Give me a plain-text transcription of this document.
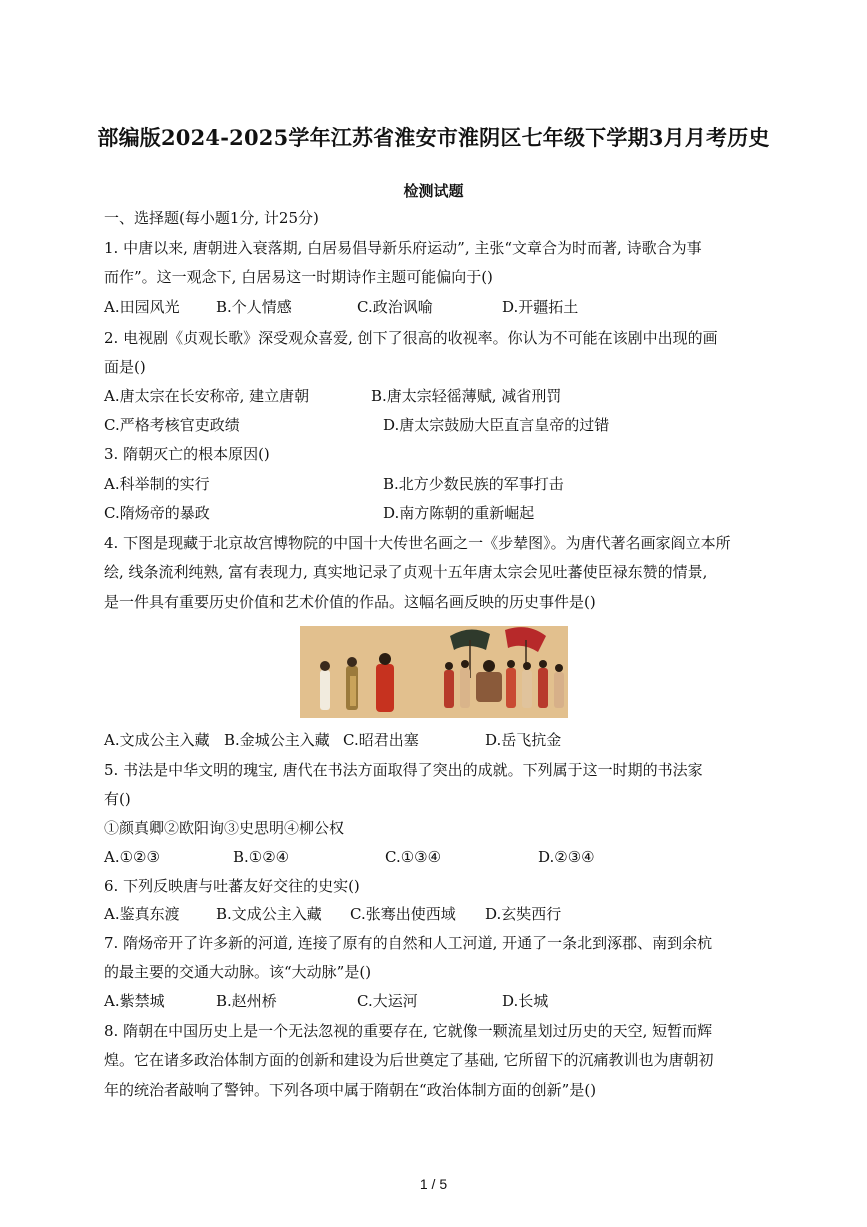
部编版2024-2025学年江苏省淮安市淮阴区七年级下学期3月月考历史
检测试题
一、选择题(每小题1分, 计25分)
1. 中唐以来, 唐朝进入衰落期, 白居易倡导新乐府运动”, 主张“文章合为时而著, 诗歌合为事
而作”。这一观念下, 白居易这一时期诗作主题可能偏向于()
A.田园风光 B.个人情感	C.政治讽喻	D.开疆拓土
2. 电视剧《贞观长歌》深受观众喜爱, 创下了很高的收视率。你认为不可能在该剧中出现的画
面是()
A.唐太宗在长安称帝, 建立唐朝	B.唐太宗轻徭薄赋, 减省刑罚
C.严格考核官吏政绩	D.唐太宗鼓励大臣直言皇帝的过错
3. 隋朝灭亡的根本原因()
A.科举制的实行	B.北方少数民族的军事打击
C.隋炀帝的暴政	D.南方陈朝的重新崛起
4. 下图是现藏于北京故宫博物院的中国十大传世名画之一《步辇图》。为唐代著名画家阎立本所
绘, 线条流利纯熟, 富有表现力, 真实地记录了贞观十五年唐太宗会见吐蕃使臣禄东赞的情景,
是一件具有重要历史价值和艺术价值的作品。这幅名画反映的历史事件是()
A.文成公主入藏 B.金城公主入藏 C.昭君出塞	D.岳飞抗金
5. 书法是中华文明的瑰宝, 唐代在书法方面取得了突出的成就。下列属于这一时期的书法家
有()
①颜真卿②欧阳询③史思明④柳公权
A.①②③	B.①②④	C.①③④	D.②③④
6. 下列反映唐与吐蕃友好交往的史实()
A.鉴真东渡 B.文成公主入藏 C.张骞出使西域 D.玄奘西行
7. 隋炀帝开了许多新的河道, 连接了原有的自然和人工河道, 开通了一条北到涿郡、南到余杭
的最主要的交通大动脉。该“大动脉”是()
A.紫禁城	B.赵州桥	C.大运河	D.长城
8. 隋朝在中国历史上是一个无法忽视的重要存在, 它就像一颗流星划过历史的天空, 短暂而辉
煌。它在诸多政治体制方面的创新和建设为后世奠定了基础, 它所留下的沉痛教训也为唐朝初
年的统治者敲响了警钟。下列各项中属于隋朝在“政治体制方面的创新”是()
1 / 5
